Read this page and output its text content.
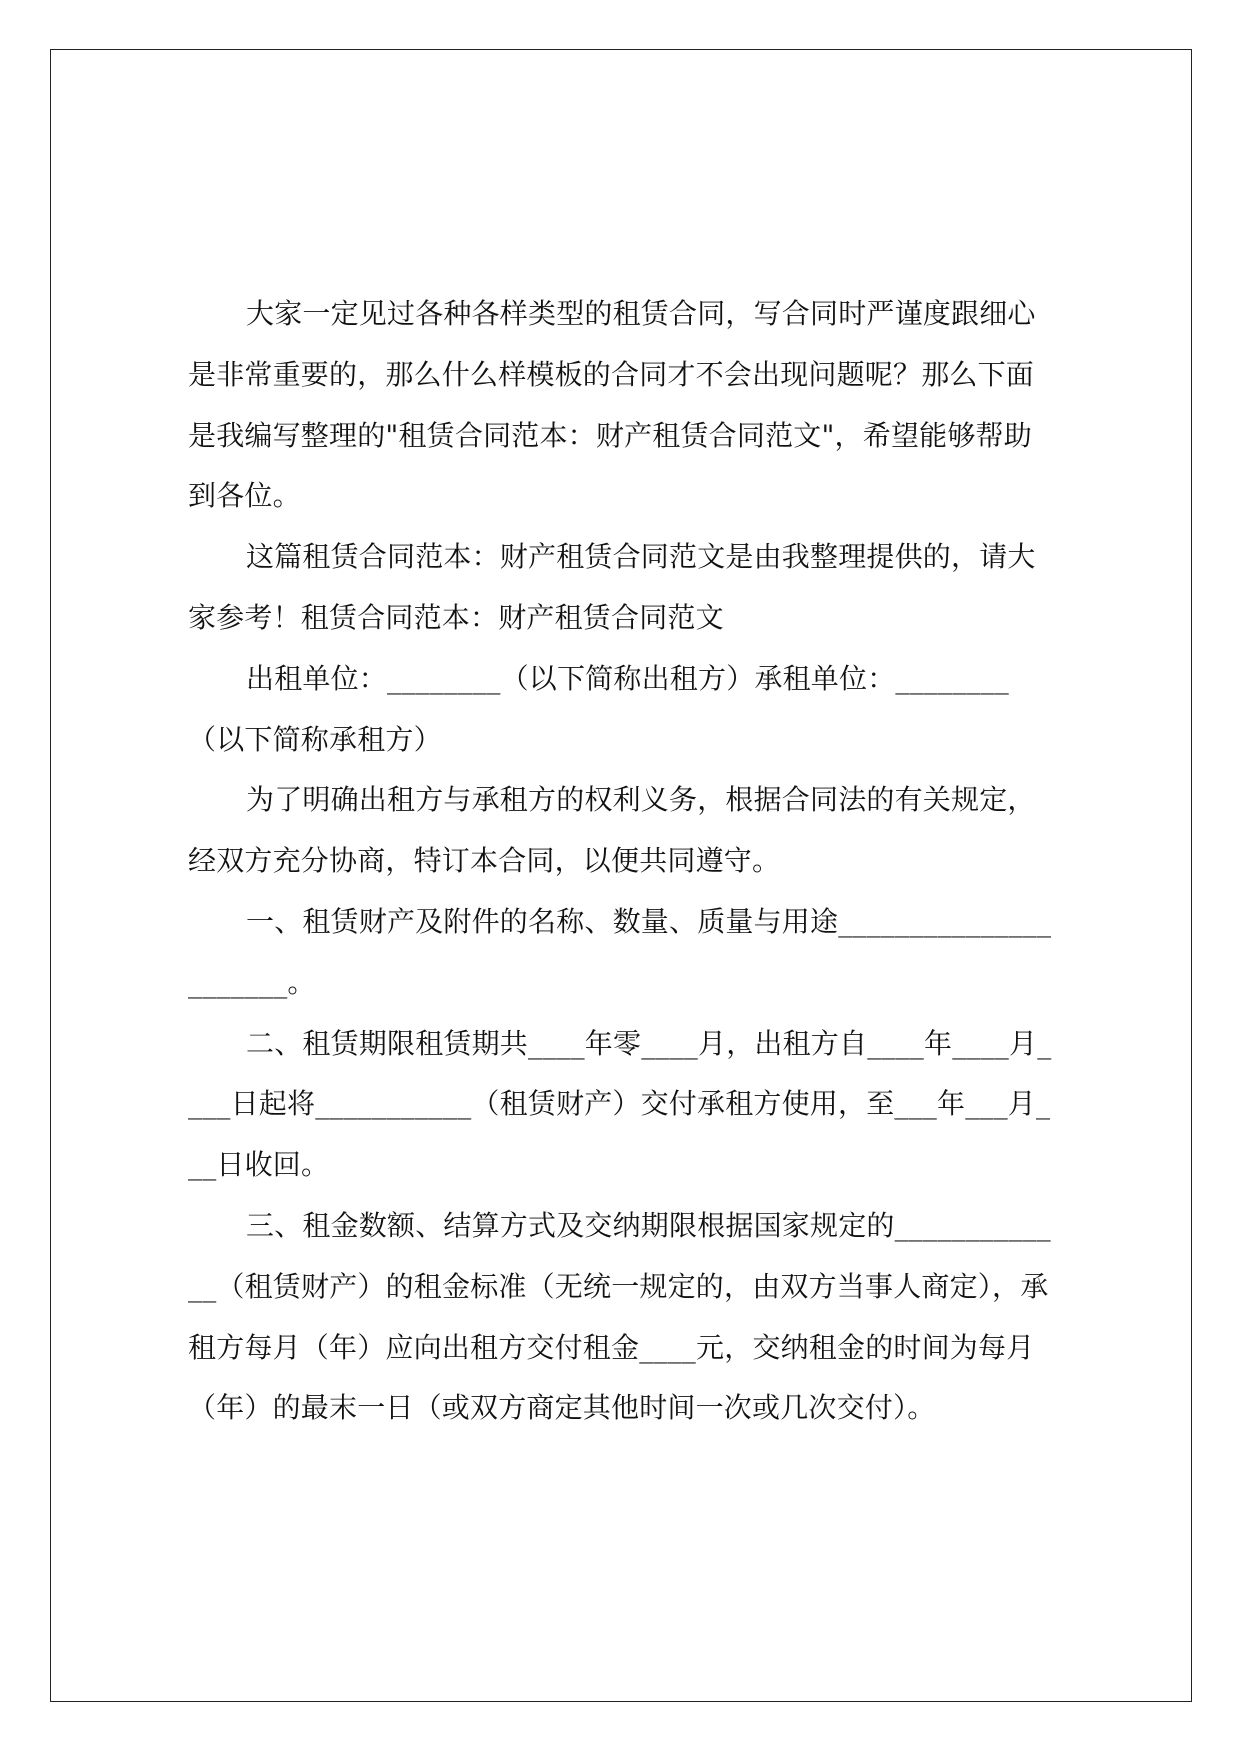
大家一定见过各种各样类型的租赁合同，写合同时严谨度跟细心是非常重要的，那么什么样模板的合同才不会出现问题呢？那么下面是我编写整理的"租赁合同范本：财产租赁合同范文"，希望能够帮助到各位。

这篇租赁合同范本：财产租赁合同范文是由我整理提供的，请大家参考！租赁合同范本：财产租赁合同范文

出租单位：________（以下简称出租方）承租单位：________（以下简称承租方）

为了明确出租方与承租方的权利义务，根据合同法的有关规定，经双方充分协商，特订本合同，以便共同遵守。

一、租赁财产及附件的名称、数量、质量与用途______________________。

二、租赁期限租赁期共____年零____月，出租方自____年____月____日起将___________（租赁财产）交付承租方使用，至___年___月___日收回。

三、租金数额、结算方式及交纳期限根据国家规定的_____________（租赁财产）的租金标准（无统一规定的，由双方当事人商定），承租方每月（年）应向出租方交付租金____元，交纳租金的时间为每月（年）的最末一日（或双方商定其他时间一次或几次交付）。
